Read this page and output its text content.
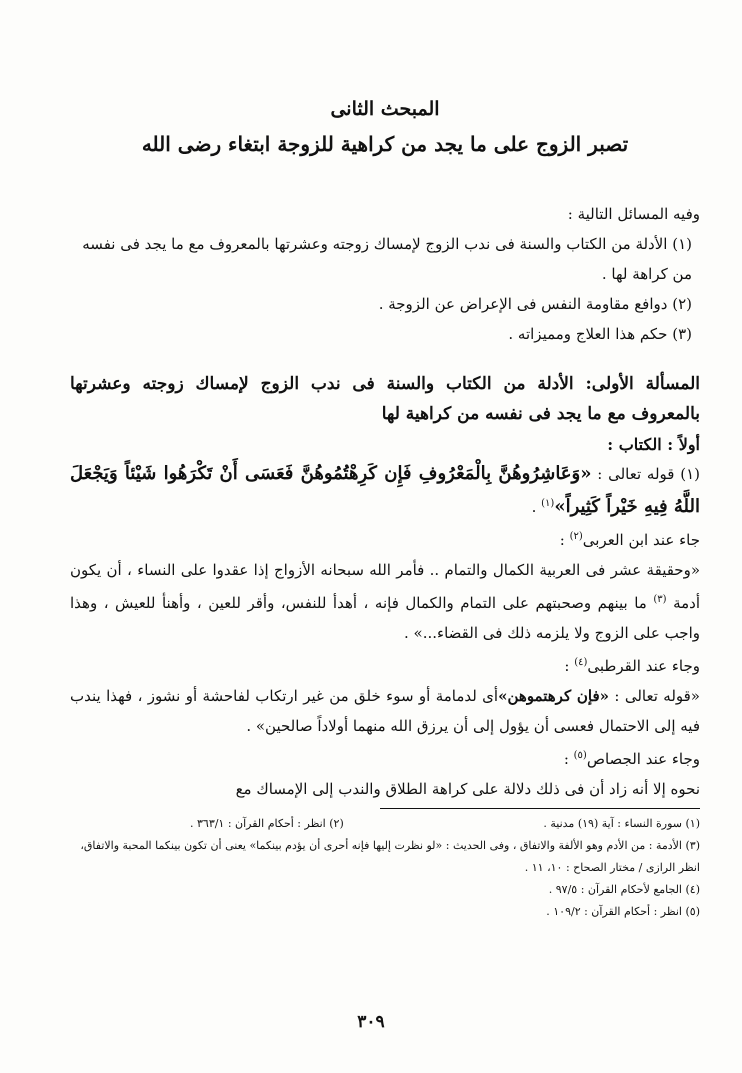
المبحث الثانى

تصبر الزوج على ما يجد من كراهية للزوجة ابتغاء رضى الله

وفيه المسائل التالية :

(١) الأدلة من الكتاب والسنة فى ندب الزوج لإمساك زوجته وعشرتها بالمعروف مع ما يجد فى نفسه من كراهة لها .

(٢) دوافع مقاومة النفس فى الإعراض عن الزوجة .

(٣) حكم هذا العلاج ومميزاته .

المسألة الأولى: الأدلة من الكتاب والسنة فى ندب الزوج لإمساك زوجته وعشرتها بالمعروف مع ما يجد فى نفسه من كراهية لها

أولاً : الكتاب :

(١) قوله تعالى : «وَعَاشِرُوهُنَّ بِالْمَعْرُوفِ فَإِن كَرِهْتُمُوهُنَّ فَعَسَى أَنْ تَكْرَهُوا شَيْئاً وَيَجْعَلَ اللَّهُ فِيهِ خَيْراً كَثِيراً»$^{(١)}$ .

جاء عند ابن العربى$^{(٢)}$ :

«وحقيقة عشر فى العربية الكمال والتمام .. فأمر الله سبحانه الأزواج إذا عقدوا على النساء ، أن يكون أدمة $^{(٣)}$ ما بينهم وصحبتهم على التمام والكمال فإنه ، أهدأ للنفس، وأقر للعين ، وأهنأ للعيش ، وهذا واجب على الزوج ولا يلزمه ذلك فى القضاء...» .

وجاء عند القرطبى$^{(٤)}$ :

«قوله تعالى : «فإن كرهتموهن»أى لدمامة أو سوء خلق من غير ارتكاب لفاحشة أو نشوز ، فهذا يندب فيه إلى الاحتمال فعسى أن يؤول إلى أن يرزق الله منهما أولاداً صالحين» .

وجاء عند الجصاص$^{(٥)}$ :

نحوه إلا أنه زاد أن فى ذلك دلالة على كراهة الطلاق والندب إلى الإمساك مع

(١) سورة النساء : آية (١٩) مدنية .
(٢) انظر : أحكام القرآن : ٣٦٣/١ .

(٣) الأدمة : من الأدم وهو الألفة والاتفاق ، وفى الحديث : «لو نظرت إليها فإنه أحرى أن يؤدم بينكما» يعنى أن تكون بينكما المحبة والاتفاق، انظر الرازى / مختار الصحاح : ١٠، ١١ .

(٤) الجامع لأحكام القرآن : ٩٧/٥ .

(٥) انظر : أحكام القرآن : ١٠٩/٢ .

٣٠٩
